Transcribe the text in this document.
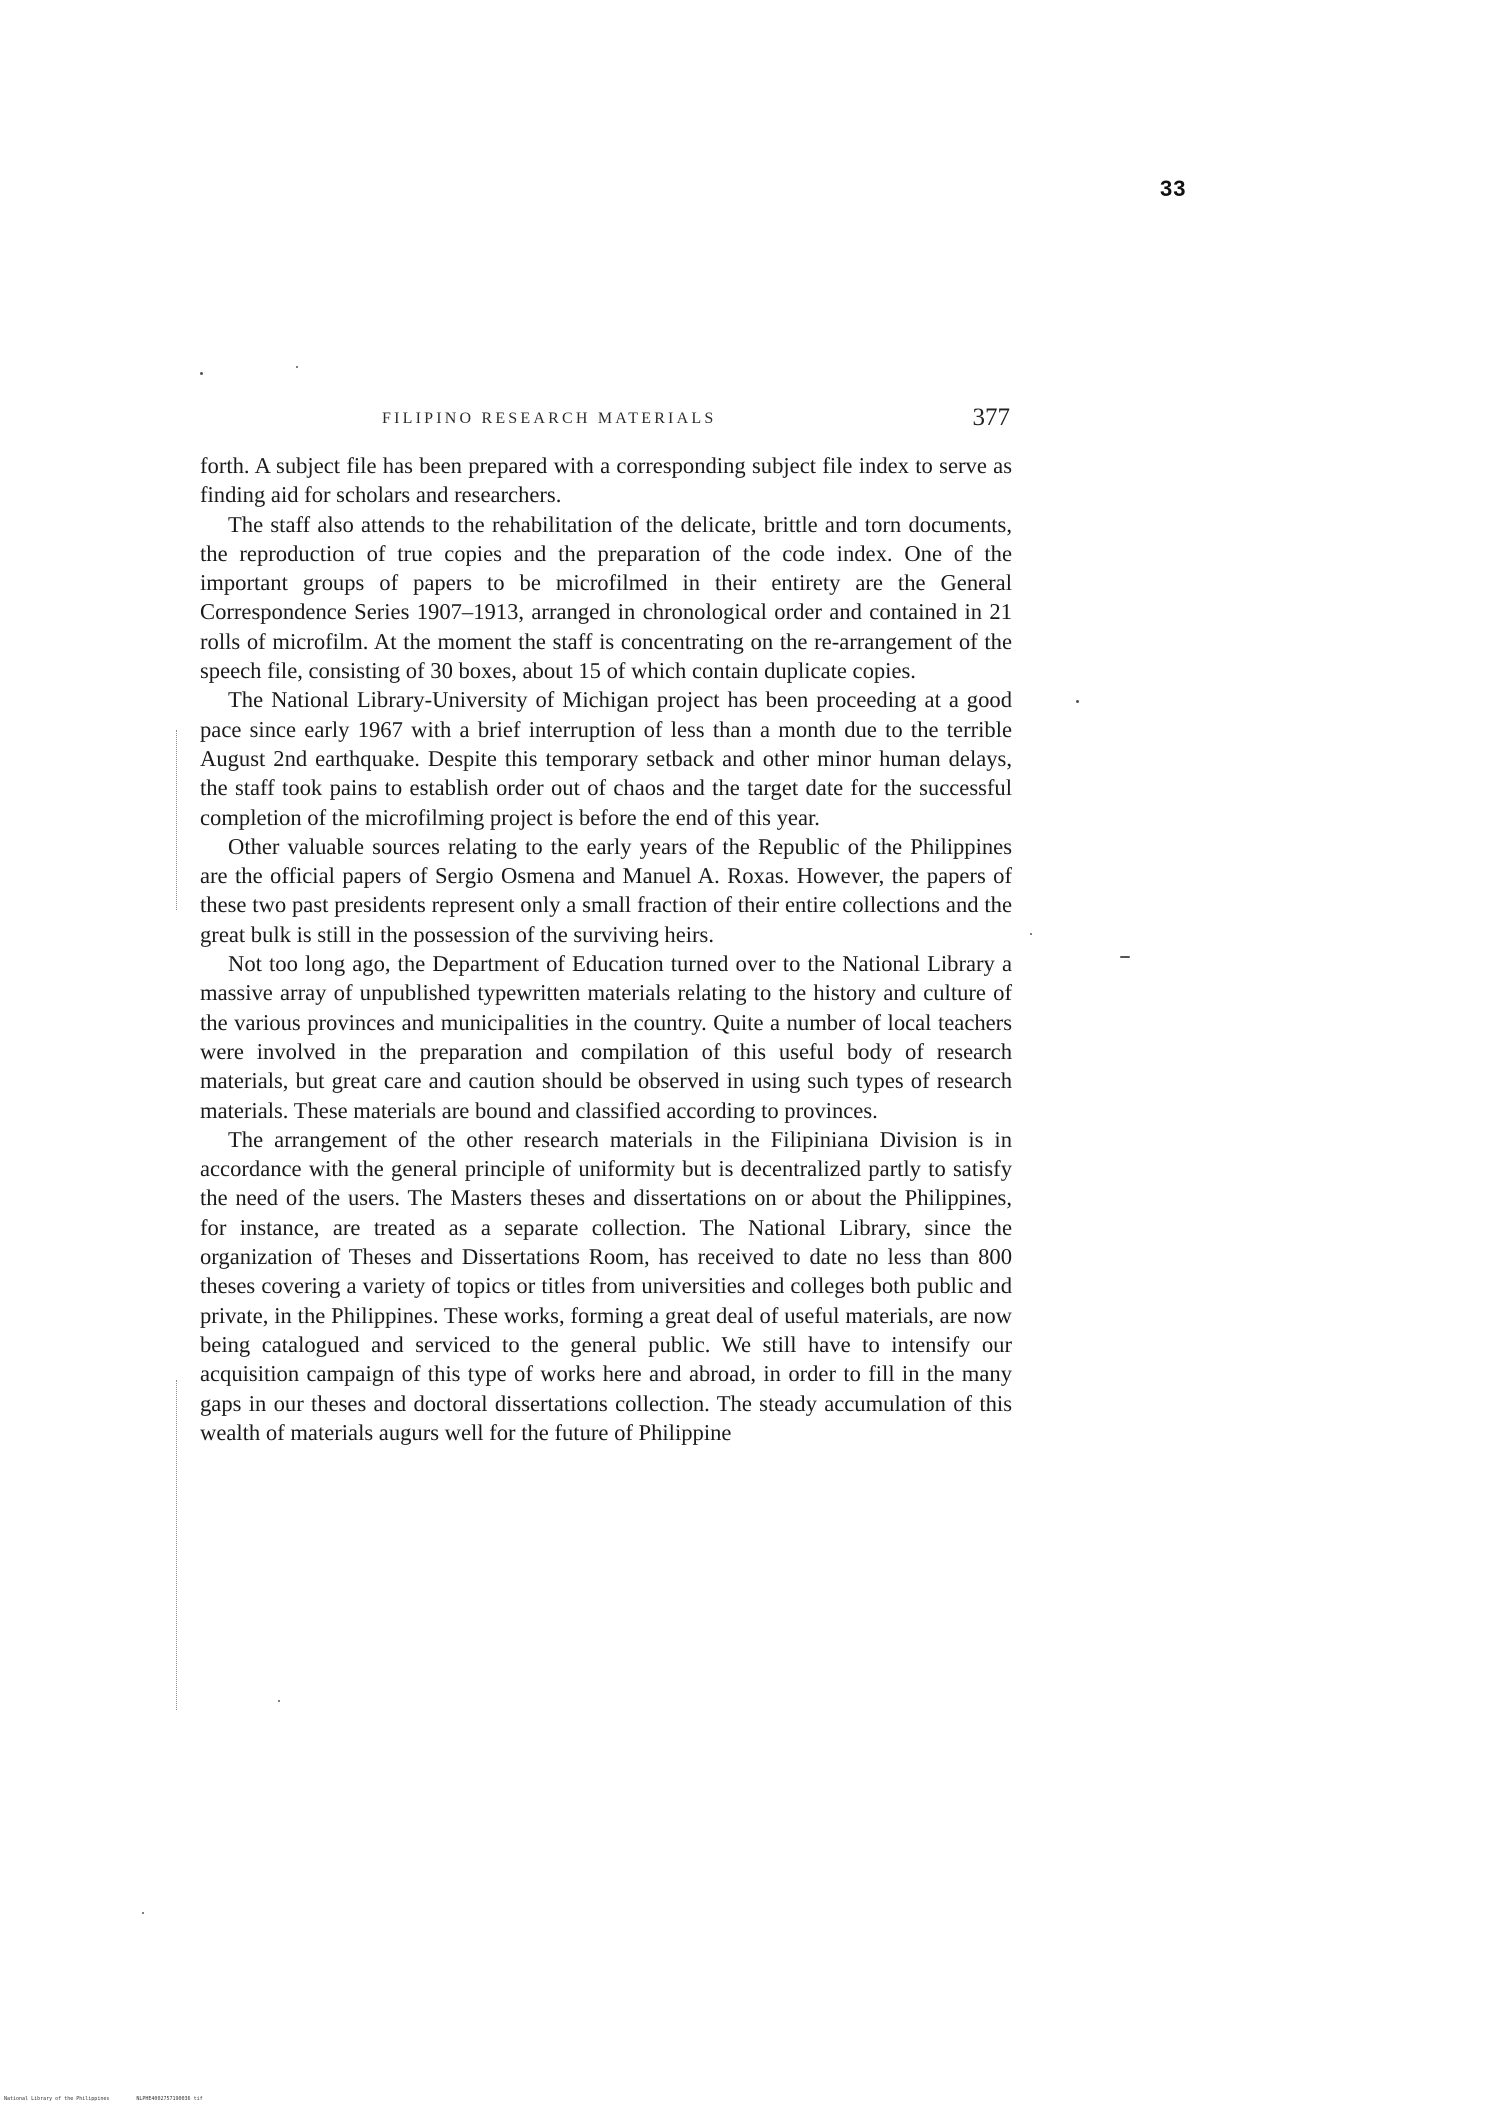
33
FILIPINO RESEARCH MATERIALS	377

forth. A subject file has been prepared with a corresponding subject file index to serve as finding aid for scholars and researchers.

The staff also attends to the rehabilitation of the delicate, brittle and torn documents, the reproduction of true copies and the preparation of the code index. One of the important groups of papers to be microfilmed in their entirety are the General Correspondence Series 1907–1913, arranged in chronological order and contained in 21 rolls of microfilm. At the moment the staff is concentrating on the re-arrangement of the speech file, consisting of 30 boxes, about 15 of which contain duplicate copies.

The National Library-University of Michigan project has been proceeding at a good pace since early 1967 with a brief interruption of less than a month due to the terrible August 2nd earthquake. Despite this temporary setback and other minor human delays, the staff took pains to establish order out of chaos and the target date for the successful completion of the microfilming project is before the end of this year.

Other valuable sources relating to the early years of the Republic of the Philippines are the official papers of Sergio Osmena and Manuel A. Roxas. However, the papers of these two past presidents represent only a small fraction of their entire collections and the great bulk is still in the possession of the surviving heirs.

Not too long ago, the Department of Education turned over to the National Library a massive array of unpublished typewritten materials relating to the history and culture of the various provinces and municipalities in the country. Quite a number of local teachers were involved in the preparation and compilation of this useful body of research materials, but great care and caution should be observed in using such types of research materials. These materials are bound and classified according to provinces.

The arrangement of the other research materials in the Filipiniana Division is in accordance with the general principle of uniformity but is decentralized partly to satisfy the need of the users. The Masters theses and dissertations on or about the Philippines, for instance, are treated as a separate collection. The National Library, since the organization of Theses and Dissertations Room, has received to date no less than 800 theses covering a variety of topics or titles from universities and colleges both public and private, in the Philippines. These works, forming a great deal of useful materials, are now being catalogued and serviced to the general public. We still have to intensify our acquisition campaign of this type of works here and abroad, in order to fill in the many gaps in our theses and doctoral dissertations collection. The steady accumulation of this wealth of materials augurs well for the future of Philippine

National Library of the Philippines	NLPHE4002757190036 tif
